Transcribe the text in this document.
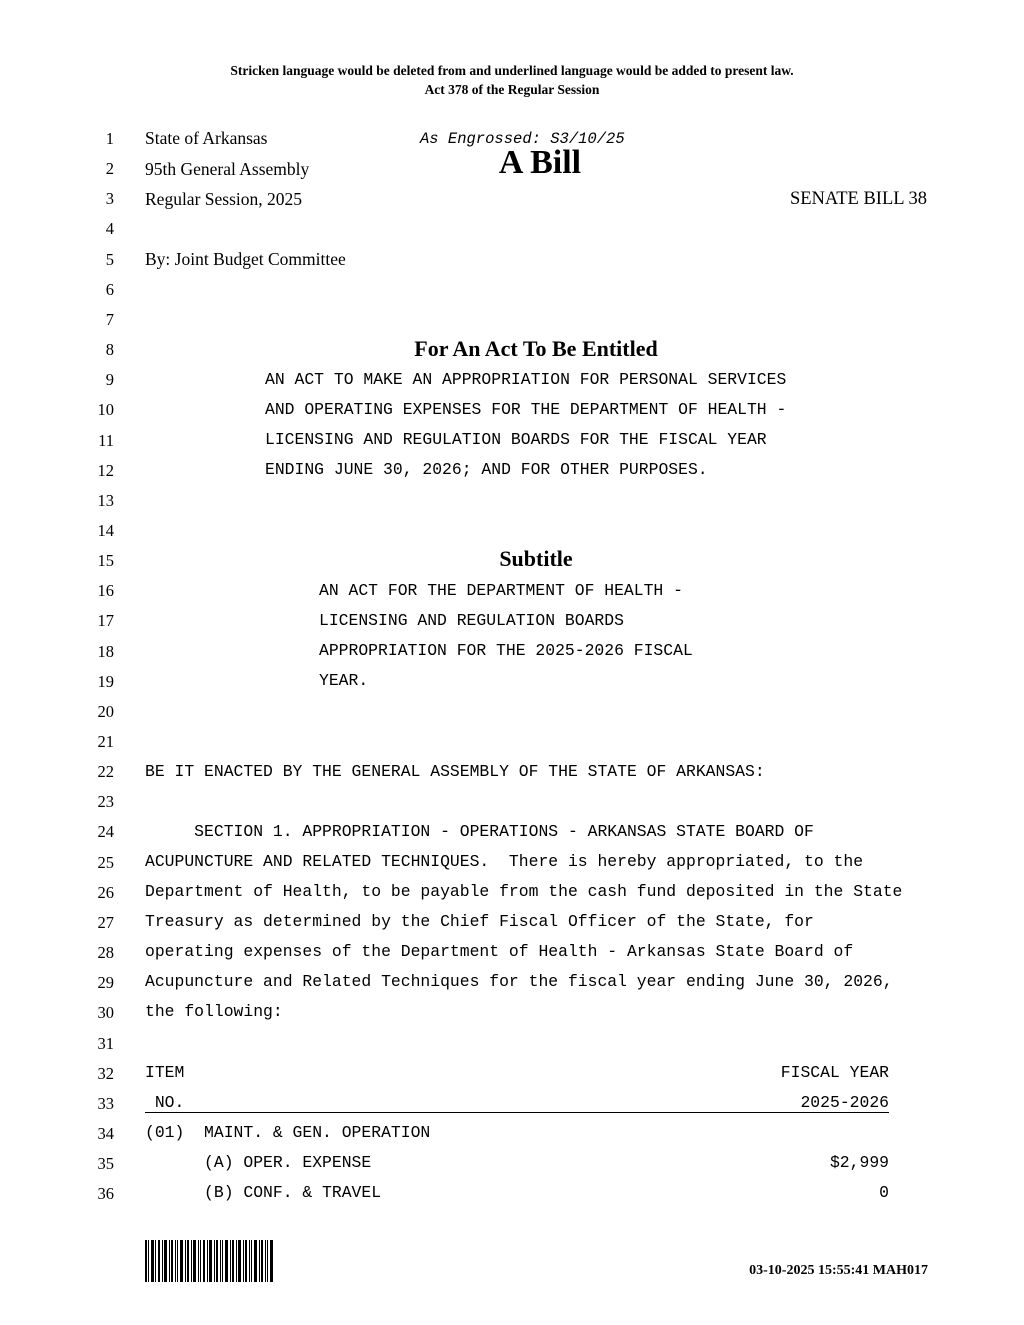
Stricken language would be deleted from and underlined language would be added to present law.
Act 378 of the Regular Session
1
2
3
4
5
6
7
8
9
10
11
12
13
14
15
16
17
18
19
20
21
22
23
24
25
26
27
28
29
30
31
32
33
34
35
36
State of Arkansas	As Engrossed: S3/10/25
95th General Assembly	A Bill
Regular Session, 2025	SENATE BILL 38
By: Joint Budget Committee
For An Act To Be Entitled
AN ACT TO MAKE AN APPROPRIATION FOR PERSONAL SERVICES
AND OPERATING EXPENSES FOR THE DEPARTMENT OF HEALTH -
LICENSING AND REGULATION BOARDS FOR THE FISCAL YEAR
ENDING JUNE 30, 2026; AND FOR OTHER PURPOSES.
Subtitle
AN ACT FOR THE DEPARTMENT OF HEALTH -
LICENSING AND REGULATION BOARDS
APPROPRIATION FOR THE 2025-2026 FISCAL
YEAR.
BE IT ENACTED BY THE GENERAL ASSEMBLY OF THE STATE OF ARKANSAS:
SECTION 1. APPROPRIATION - OPERATIONS - ARKANSAS STATE BOARD OF
ACUPUNCTURE AND RELATED TECHNIQUES.  There is hereby appropriated, to the
Department of Health, to be payable from the cash fund deposited in the State
Treasury as determined by the Chief Fiscal Officer of the State, for
operating expenses of the Department of Health - Arkansas State Board of
Acupuncture and Related Techniques for the fiscal year ending June 30, 2026,
the following:
ITEM	FISCAL YEAR
NO.	2025-2026
(01)  MAINT. & GEN. OPERATION
(A) OPER. EXPENSE	$2,999
(B) CONF. & TRAVEL	0
03-10-2025 15:55:41 MAH017
